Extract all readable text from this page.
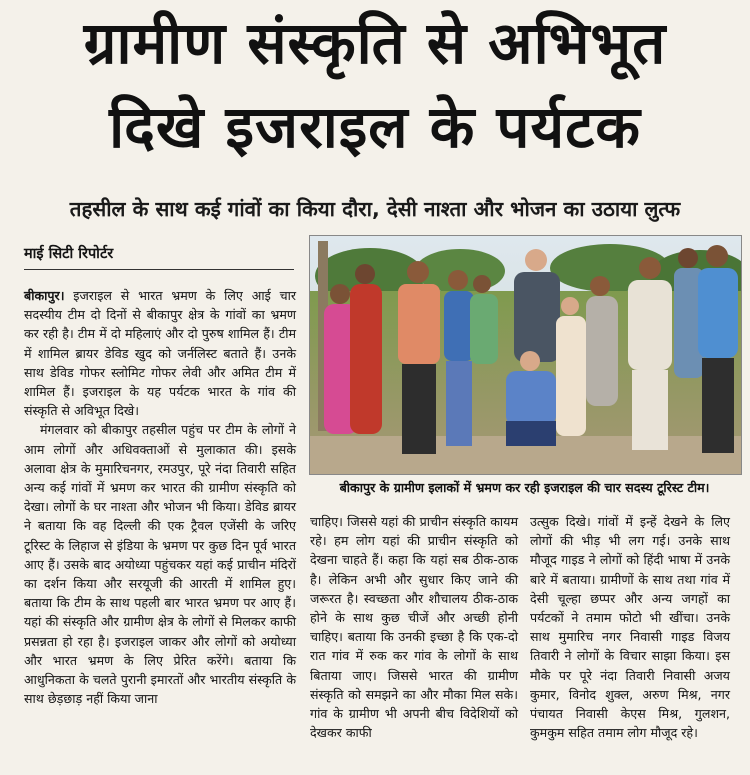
ग्रामीण संस्कृति से अभिभूत
दिखे इजराइल के पर्यटक
तहसील के साथ कई गांवों का किया दौरा, देसी नाश्ता और भोजन का उठाया लुत्फ
माई सिटी रिपोर्टर

बीकापुर। इजराइल से भारत भ्रमण के लिए आई चार सदस्यीय टीम दो दिनों से बीकापुर क्षेत्र के गांवों का भ्रमण कर रही है। टीम में दो महिलाएं और दो पुरुष शामिल हैं। टीम में शामिल ब्रायर डेविड खुद को जर्नलिस्ट बताते हैं। उनके साथ डेविड गोफर स्लोमिट गोफर लेवी और अमित टीम में शामिल हैं। इजराइल के यह पर्यटक भारत के गांव की संस्कृति से अविभूत दिखे।

मंगलवार को बीकापुर तहसील पहुंच पर टीम के लोगों ने आम लोगों और अधिवक्ताओं से मुलाकात की। इसके अलावा क्षेत्र के मुमारिचनगर, रमउपुर, पूरे नंदा तिवारी सहित अन्य कई गांवों में भ्रमण कर भारत की ग्रामीण संस्कृति को देखा। लोगों के घर नाश्ता और भोजन भी किया। डेविड ब्रायर ने बताया कि वह दिल्ली की एक ट्रैवल एजेंसी के जरिए टूरिस्ट के लिहाज से इंडिया के भ्रमण पर कुछ दिन पूर्व भारत आए हैं। उसके बाद अयोध्या पहुंचकर यहां कई प्राचीन मंदिरों का दर्शन किया और सरयूजी की आरती में शामिल हुए। बताया कि टीम के साथ पहली बार भारत भ्रमण पर आए हैं। यहां की संस्कृति और ग्रामीण क्षेत्र के लोगों से मिलकर काफी प्रसन्नता हो रहा है। इजराइल जाकर और लोगों को अयोध्या और भारत भ्रमण के लिए प्रेरित करेंगे। बताया कि आधुनिकता के चलते पुरानी इमारतों और भारतीय संस्कृति के साथ छेड़छाड़ नहीं किया जाना

बीकापुर के ग्रामीण इलाकों में भ्रमण कर रही इजराइल की चार सदस्य टूरिस्ट टीम।

चाहिए। जिससे यहां की प्राचीन संस्कृति कायम रहे। हम लोग यहां की प्राचीन संस्कृति को देखना चाहते हैं। कहा कि यहां सब ठीक-ठाक है। लेकिन अभी और सुधार किए जाने की जरूरत है। स्वच्छता और शौचालय ठीक-ठाक होने के साथ कुछ चीजें और अच्छी होनी चाहिए। बताया कि उनकी इच्छा है कि एक-दो रात गांव में रुक कर गांव के लोगों के साथ बिताया जाए। जिससे भारत की ग्रामीण संस्कृति को समझने का और मौका मिल सके। गांव के ग्रामीण भी अपनी बीच विदेशियों को देखकर काफी

उत्सुक दिखे। गांवों में इन्हें देखने के लिए लोगों की भीड़ भी लग गई। उनके साथ मौजूद गाइड ने लोगों को हिंदी भाषा में उनके बारे में बताया। ग्रामीणों के साथ तथा गांव में देसी चूल्हा छप्पर और अन्य जगहों का पर्यटकों ने तमाम फोटो भी खींचा। उनके साथ मुमारिच नगर निवासी गाइड विजय तिवारी ने लोगों के विचार साझा किया। इस मौके पर पूरे नंदा तिवारी निवासी अजय कुमार, विनोद शुक्ल, अरुण मिश्र, नगर पंचायत निवासी केएस मिश्र, गुलशन, कुमकुम सहित तमाम लोग मौजूद रहे।
